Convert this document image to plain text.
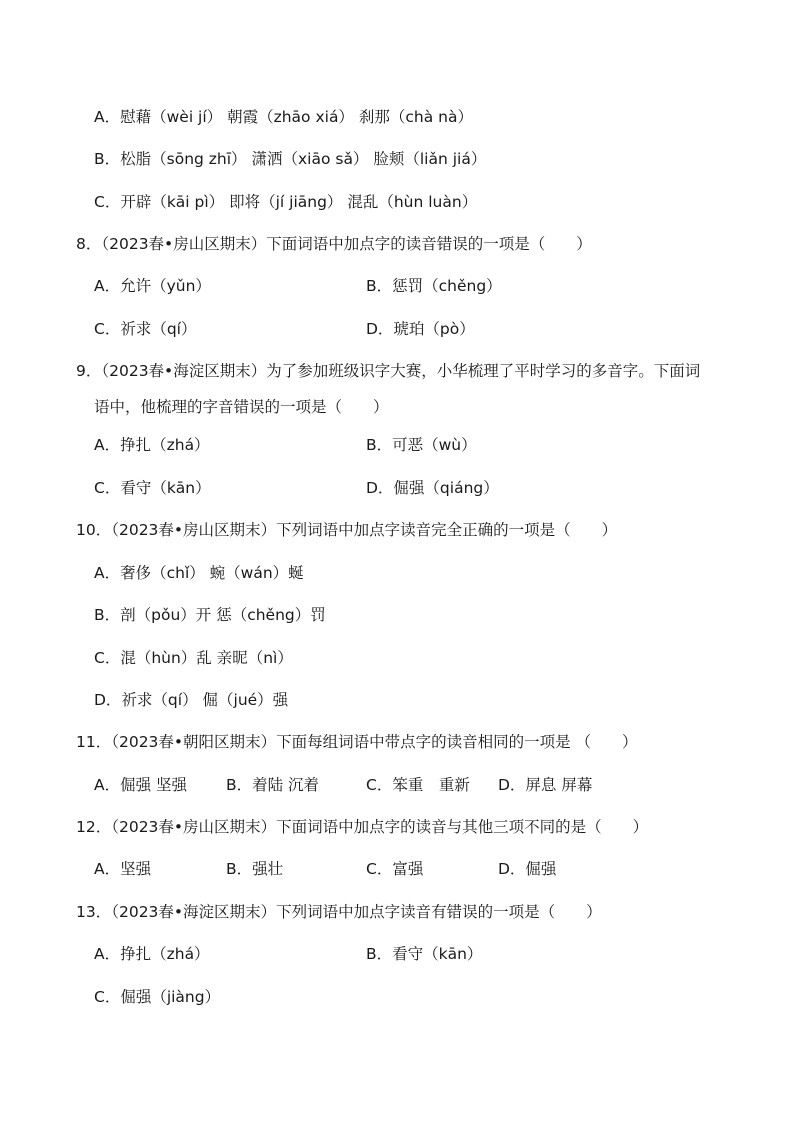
A．慰藉（wèi jí） 朝霞（zhāo xiá） 刹那（chà nà）
B．松脂（sōng zhī） 潇洒（xiāo sǎ） 脸颊（liǎn jiá）
C．开辟（kāi pì） 即将（jí jiāng） 混乱（hùn luàn）
8．（2023春•房山区期末）下面词语中加点字的读音错误的一项是（　　）
A．允许（yǔn）	B．惩罚（chěng）
C．祈求（qí）	D．琥珀（pò）
9．（2023春•海淀区期末）为了参加班级识字大赛，小华梳理了平时学习的多音字。下面词
语中，他梳理的字音错误的一项是（　　）
A．挣扎（zhá）	B．可恶（wù）
C．看守（kān）	D．倔强（qiáng）
10．（2023春•房山区期末）下列词语中加点字读音完全正确的一项是（　　）
A．奢侈（chǐ） 蜿（wán）蜒
B．剖（pǒu）开 惩（chěng）罚
C．混（hùn）乱 亲昵（nì）
D．祈求（qí） 倔（jué）强
11．（2023春•朝阳区期末）下面每组词语中带点字的读音相同的一项是 （　　）
A．倔强 坚强	B．着陆 沉着	C．笨重　重新 D．屏息 屏幕
12．（2023春•房山区期末）下面词语中加点字的读音与其他三项不同的是（　　）
A．坚强	B．强壮	C．富强	D．倔强
13．（2023春•海淀区期末）下列词语中加点字读音有错误的一项是（　　）
A．挣扎（zhá）	B．看守（kān）
C．倔强（jiàng）
